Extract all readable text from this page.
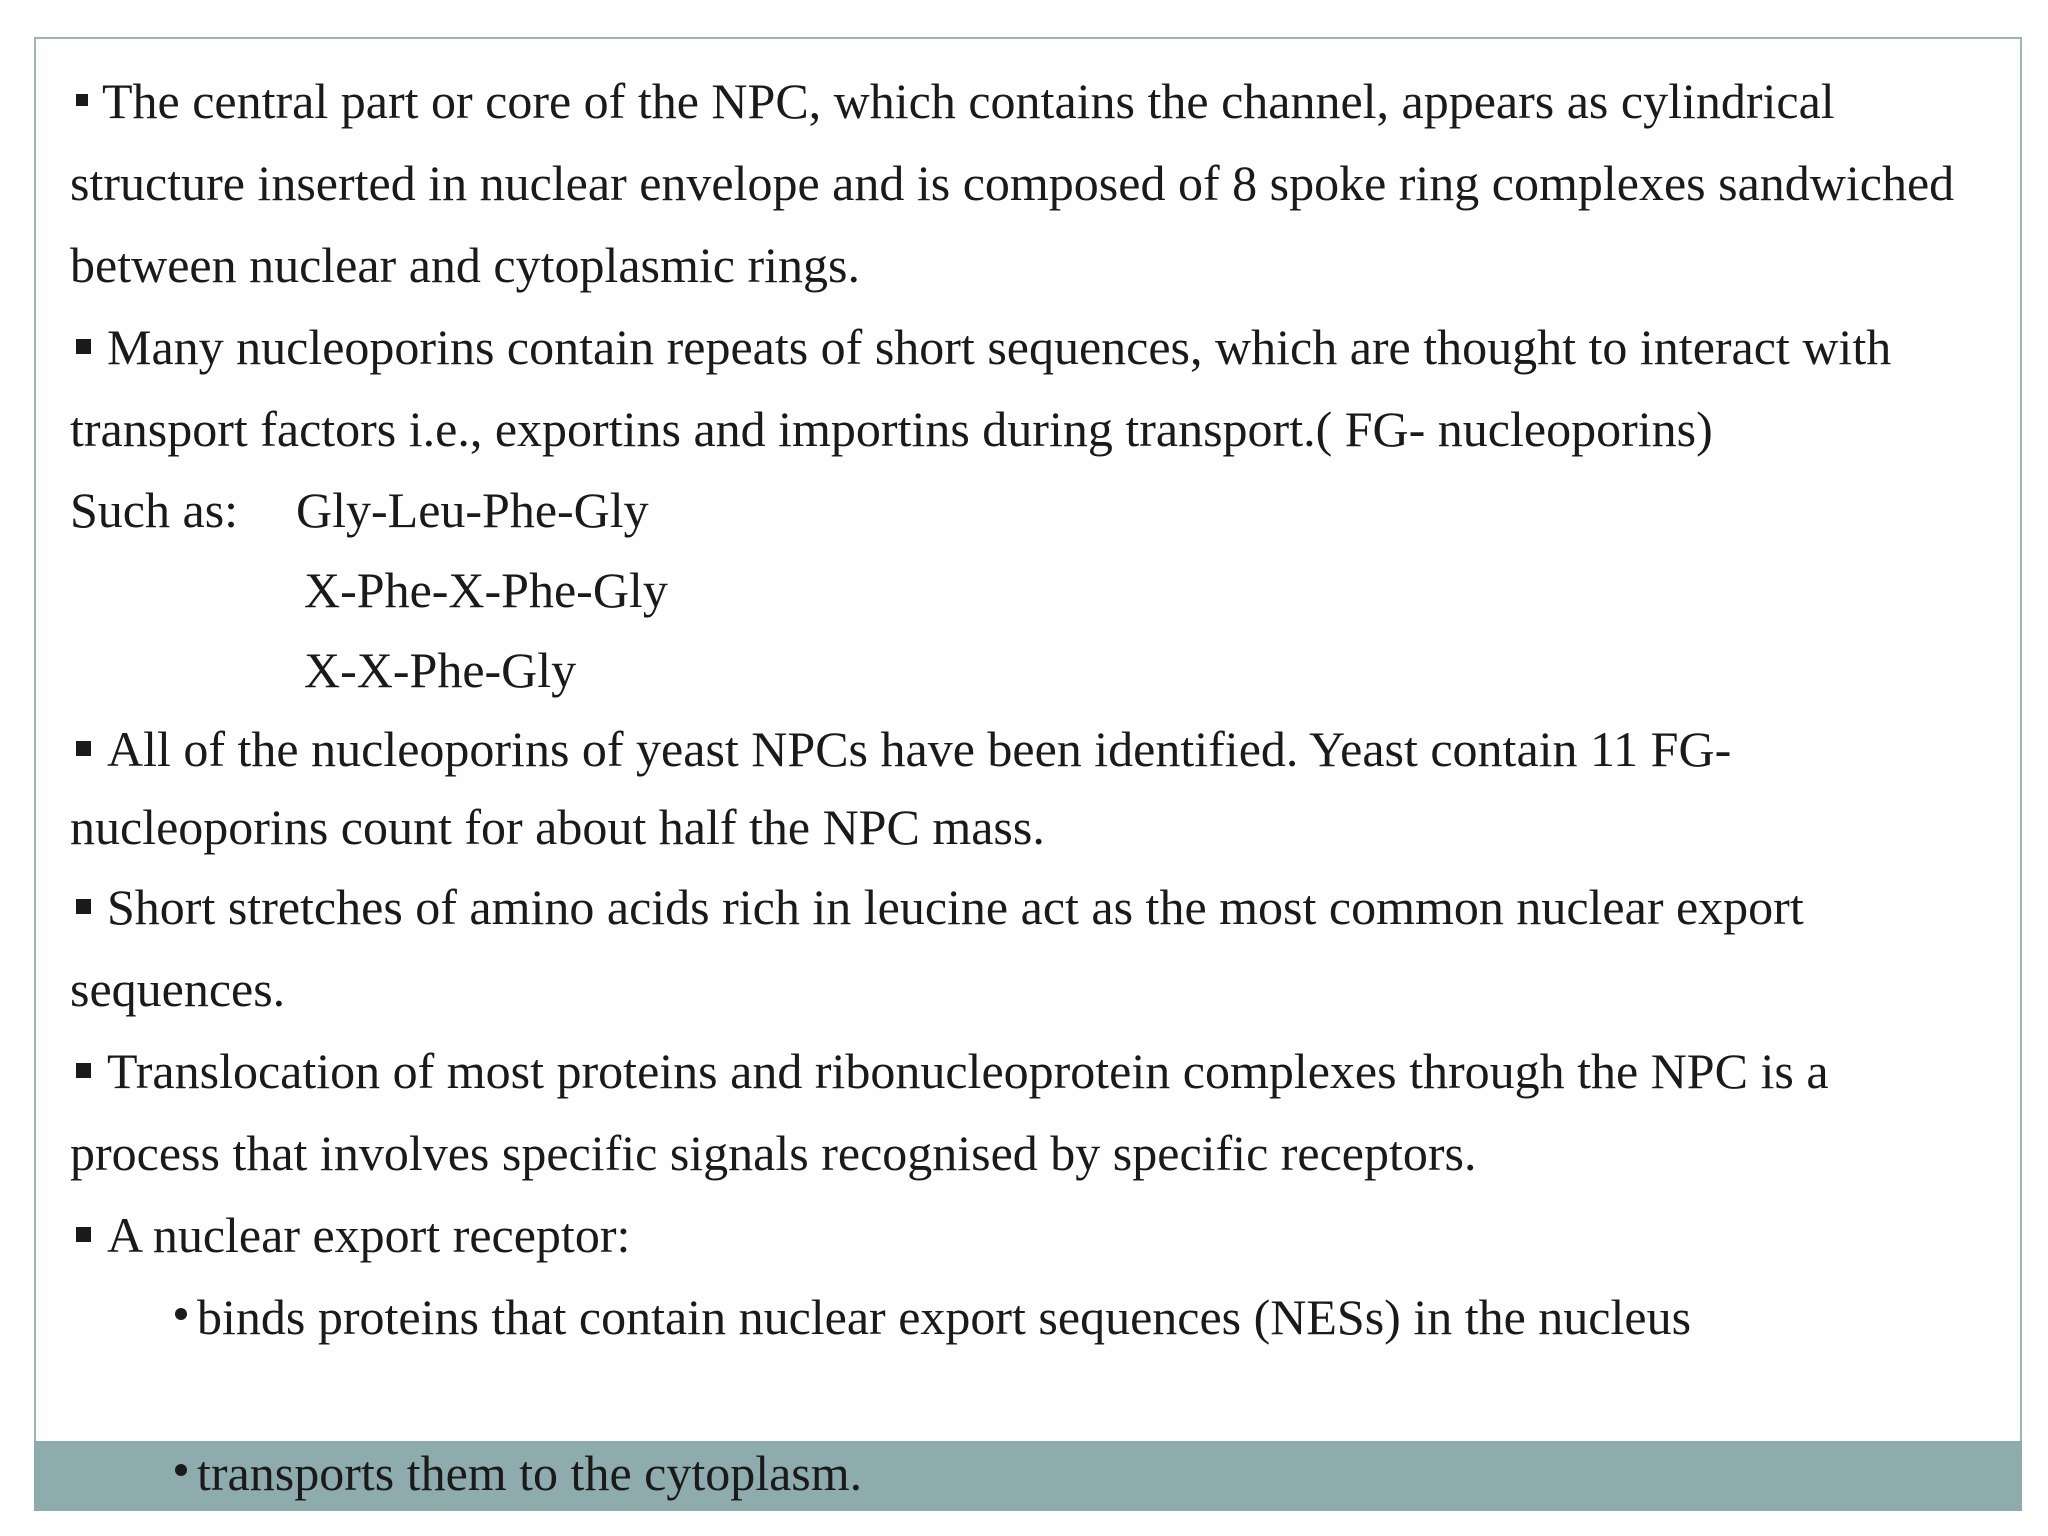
The central part or core of the NPC, which contains the channel, appears as cylindrical structure inserted in nuclear envelope and is composed of 8 spoke ring complexes sandwiched between nuclear and cytoplasmic rings.

Many nucleoporins contain repeats of short sequences, which are thought to interact with transport factors i.e., exportins and importins during transport.( FG- nucleoporins)

Such as: Gly-Leu-Phe-Gly
X-Phe-X-Phe-Gly
X-X-Phe-Gly

All of the nucleoporins of yeast NPCs have been identified. Yeast contain 11 FG- nucleoporins count for about half the NPC mass.

Short stretches of amino acids rich in leucine act as the most common nuclear export sequences.

Translocation of most proteins and ribonucleoprotein complexes through the NPC is a process that involves specific signals recognised by specific receptors.

A nuclear export receptor:

binds proteins that contain nuclear export sequences (NESs) in the nucleus
transports them to the cytoplasm.
